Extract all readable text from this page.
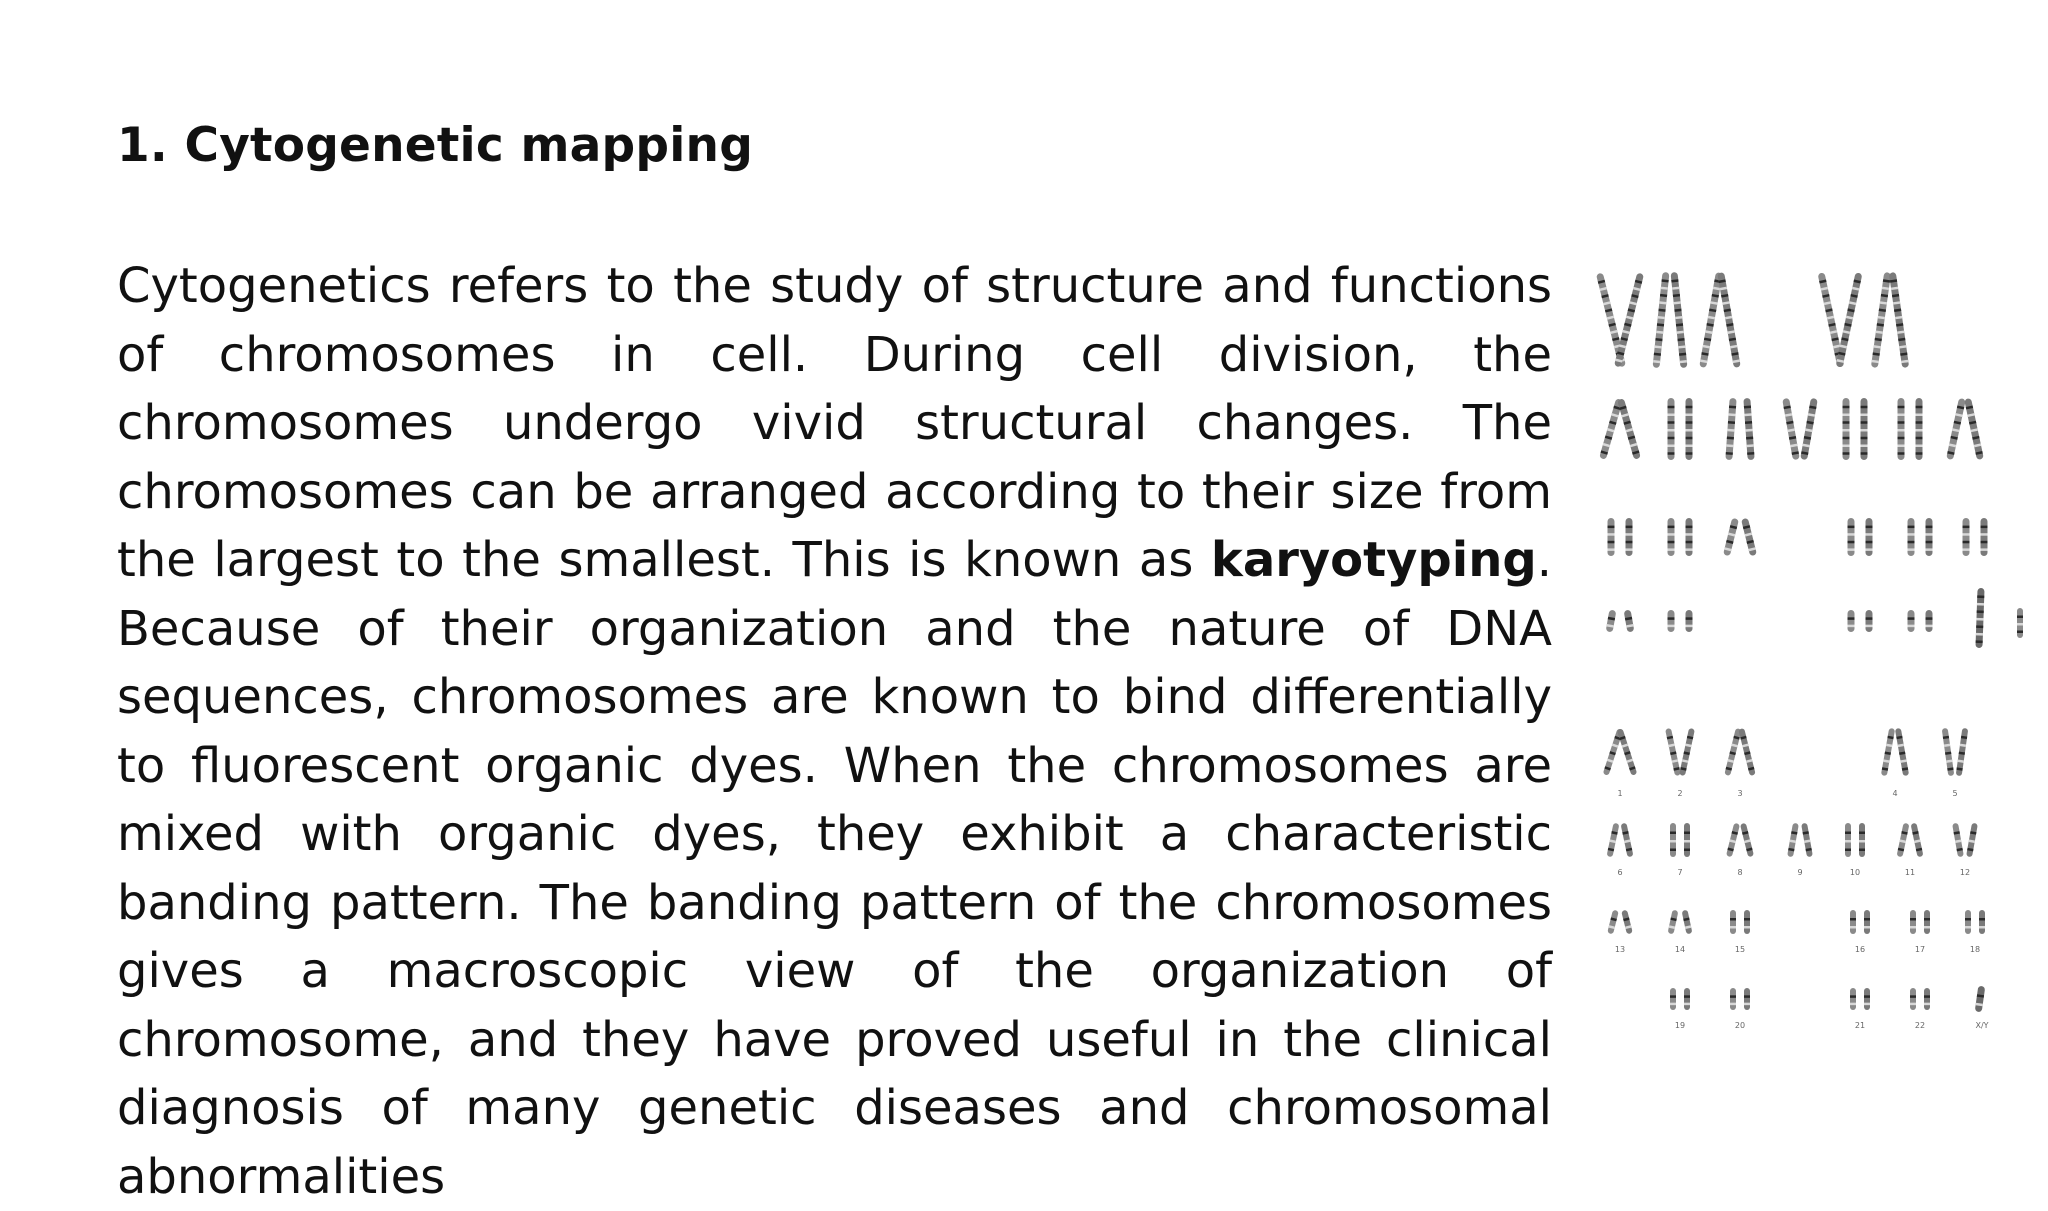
1. Cytogenetic mapping
Cytogenetics refers to the study of structure and functions of chromosomes in cell. During cell division, the chromosomes undergo vivid structural changes. The chromosomes can be arranged according to their size from the largest to the smallest. This is known as karyotyping. Because of their organization and the nature of DNA sequences, chromosomes are known to bind differentially to fluorescent organic dyes. When the chromosomes are mixed with organic dyes, they exhibit a characteristic banding pattern. The banding pattern of the chromosomes gives a macroscopic view of the organization of chromosome, and they have proved useful in the clinical diagnosis of many genetic diseases and chromosomal abnormalities
1	2	3	4	5
6	7	8	9	10	11	12
13	14	15	16	17	18
19	20	21	22	X/Y
